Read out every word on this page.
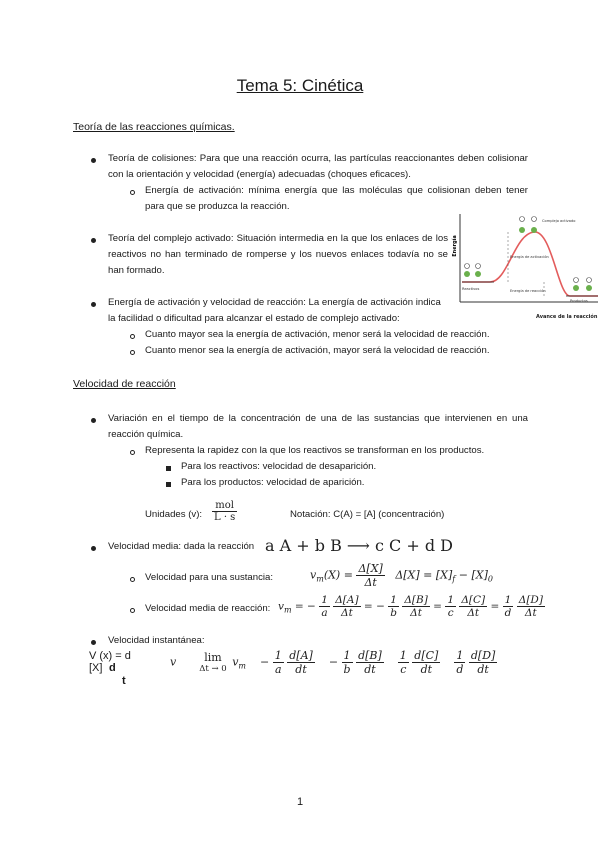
Tema 5: Cinética
Teoría de las reacciones químicas.
Teoría de colisiones: Para que una reacción ocurra, las partículas reaccionantes deben colisionar con la orientación y velocidad (energía) adecuadas (choques eficaces).
Energía de activación: mínima energía que las moléculas que colisionan deben tener para que se produzca la reacción.
Teoría del complejo activado: Situación intermedia en la que los enlaces de los reactivos no han terminado de romperse y los nuevos enlaces todavía no se han formado.
Energía de activación y velocidad de reacción: La energía de activación indica la facilidad o dificultad para alcanzar el estado de complejo activado:
Cuanto mayor sea la energía de activación, menor será la velocidad de reacción.
Cuanto menor sea la energía de activación, mayor será la velocidad de reacción.
Energía
Complejo activado
Energía de activación
Reactivos
Productos
Energía de reacción
Avance de la reacción
Velocidad de reacción
Variación en el tiempo de la concentración de una de las sustancias que intervienen en una reacción química.
Representa la rapidez con la que los reactivos se transforman en los productos.
Para los reactivos: velocidad de desaparición.
Para los productos: velocidad de aparición.
Unidades (v): $\frac{\text{mol}}{L \cdot s}$	Notación: C(A) = [A] (concentración)
Velocidad media: dada la reacción a A + b B ⟶ c C + d D
Velocidad para una sustancia:	$v_m(X) = \frac{\Delta[X]}{\Delta t} \Delta[X] = [X]_f - [X]_0$
Velocidad media de reacción: $v_m$ = − $\frac{1}{a}$
$\frac{\Delta[A]}{\Delta t}$ = − $\frac{1}{b}$
$\frac{\Delta[B]}{\Delta t} = \frac{1}{c}$
$\frac{\Delta[C]}{\Delta t} = \frac{1}{d}$
$\frac{\Delta[D]}{\Delta t}$
Velocidad instantánea:
V (x) = d
[X] d
t
v	lim
Δt → 0
$v_m - \frac{1}{a}$
$\frac{d[A]}{dt} - \frac{1}{b}$
$\frac{d[B]}{dt}$
$\frac{1}{c}$
$\frac{d[C]}{dt}$
$\frac{1}{d}$
$\frac{d[D]}{dt}$
1
